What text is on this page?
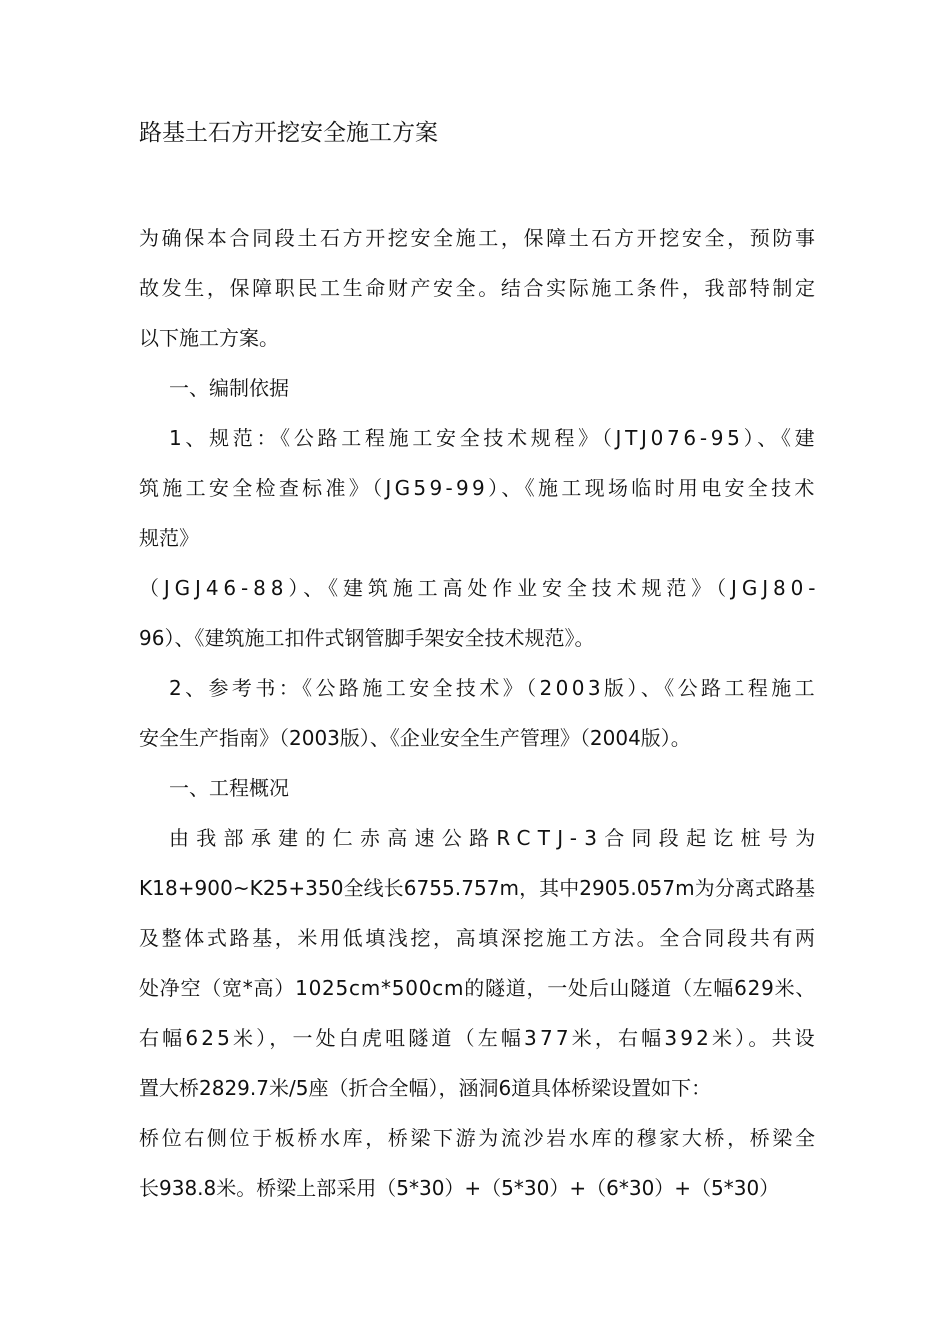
路基土石方开挖安全施工方案
为确保本合同段土石方开挖安全施工，保障土石方开挖安全，预防事
故发生，保障职民工生命财产安全。结合实际施工条件，我部特制定
以下施工方案。
一、编制依据
1、规范：《公路工程施工安全技术规程》（JTJ076-95）、《建
筑施工安全检查标准》（JG59-99）、《施工现场临时用电安全技术
规范》
（JGJ46-88）、《建筑施工高处作业安全技术规范》（JGJ80-
96）、《建筑施工扣件式钢管脚手架安全技术规范》。
2、参考书：《公路施工安全技术》（2003版）、《公路工程施工
安全生产指南》（2003版）、《企业安全生产管理》（2004版）。
一、工程概况
由我部承建的仁赤高速公路RCTJ-3合同段起讫桩号为
K18+900~K25+350全线长6755.757m，其中2905.057m为分离式路基
及整体式路基，米用低填浅挖，高填深挖施工方法。全合同段共有两
处净空（宽*高）1025cm*500cm的隧道，一处后山隧道（左幅629米、
右幅625米），一处白虎咀隧道（左幅377米，右幅392米）。共设
置大桥2829.7米/5座（折合全幅），涵洞6道具体桥梁设置如下：
桥位右侧位于板桥水库，桥梁下游为流沙岩水库的穆家大桥，桥梁全
长938.8米。桥梁上部采用（5*30）+（5*30）+（6*30）+（5*30）
